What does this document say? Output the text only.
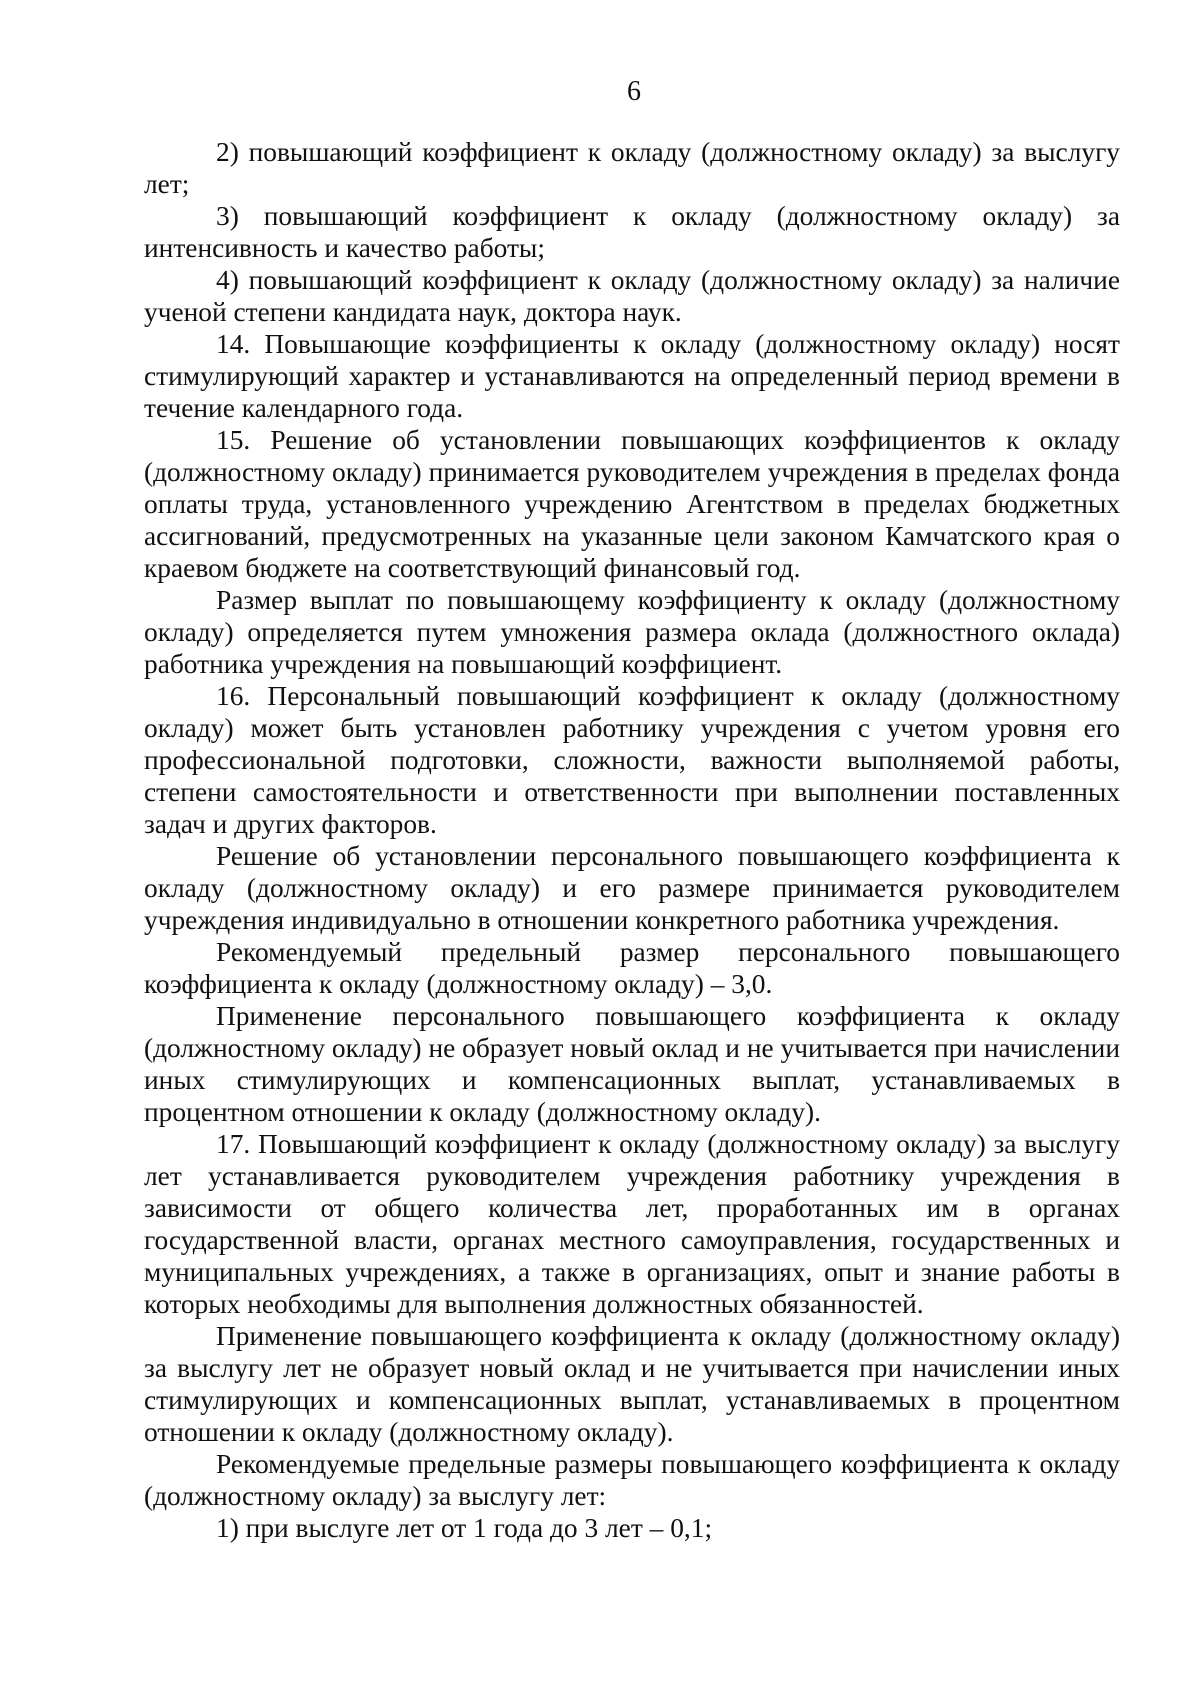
6

2) повышающий коэффициент к окладу (должностному окладу) за выслугу лет;

3) повышающий коэффициент к окладу (должностному окладу) за интенсивность и качество работы;

4) повышающий коэффициент к окладу (должностному окладу) за наличие ученой степени кандидата наук, доктора наук.

14. Повышающие коэффициенты к окладу (должностному окладу) носят стимулирующий характер и устанавливаются на определенный период времени в течение календарного года.

15. Решение об установлении повышающих коэффициентов к окладу (должностному окладу) принимается руководителем учреждения в пределах фонда оплаты труда, установленного учреждению Агентством в пределах бюджетных ассигнований, предусмотренных на указанные цели законом Камчатского края о краевом бюджете на соответствующий финансовый год.

Размер выплат по повышающему коэффициенту к окладу (должностному окладу) определяется путем умножения размера оклада (должностного оклада) работника учреждения на повышающий коэффициент.

16. Персональный повышающий коэффициент к окладу (должностному окладу) может быть установлен работнику учреждения с учетом уровня его профессиональной подготовки, сложности, важности выполняемой работы, степени самостоятельности и ответственности при выполнении поставленных задач и других факторов.

Решение об установлении персонального повышающего коэффициента к окладу (должностному окладу) и его размере принимается руководителем учреждения индивидуально в отношении конкретного работника учреждения.

Рекомендуемый предельный размер персонального повышающего коэффициента к окладу (должностному окладу) – 3,0.

Применение персонального повышающего коэффициента к окладу (должностному окладу) не образует новый оклад и не учитывается при начислении иных стимулирующих и компенсационных выплат, устанавливаемых в процентном отношении к окладу (должностному окладу).

17. Повышающий коэффициент к окладу (должностному окладу) за выслугу лет устанавливается руководителем учреждения работнику учреждения в зависимости от общего количества лет, проработанных им в органах государственной власти, органах местного самоуправления, государственных и муниципальных учреждениях, а также в организациях, опыт и знание работы в которых необходимы для выполнения должностных обязанностей.

Применение повышающего коэффициента к окладу (должностному окладу) за выслугу лет не образует новый оклад и не учитывается при начислении иных стимулирующих и компенсационных выплат, устанавливаемых в процентном отношении к окладу (должностному окладу).

Рекомендуемые предельные размеры повышающего коэффициента к окладу (должностному окладу) за выслугу лет:

1) при выслуге лет от 1 года до 3 лет – 0,1;
